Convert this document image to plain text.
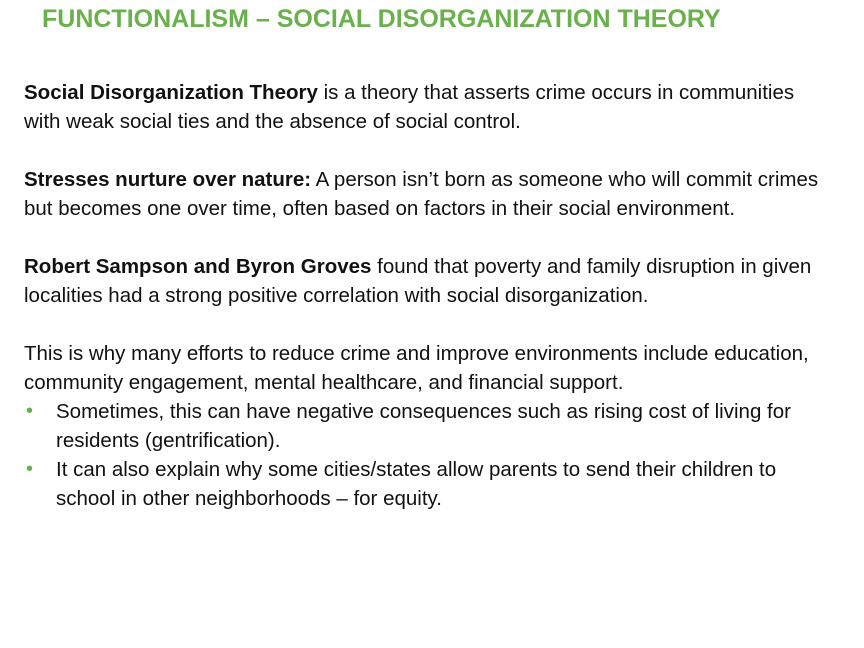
FUNCTIONALISM – SOCIAL DISORGANIZATION THEORY

Social Disorganization Theory is a theory that asserts crime occurs in communities with weak social ties and the absence of social control.

Stresses nurture over nature: A person isn’t born as someone who will commit crimes but becomes one over time, often based on factors in their social environment.

Robert Sampson and Byron Groves found that poverty and family disruption in given localities had a strong positive correlation with social disorganization.

This is why many efforts to reduce crime and improve environments include education, community engagement, mental healthcare, and financial support.

• Sometimes, this can have negative consequences such as rising cost of living for residents (gentrification).
• It can also explain why some cities/states allow parents to send their children to school in other neighborhoods – for equity.
